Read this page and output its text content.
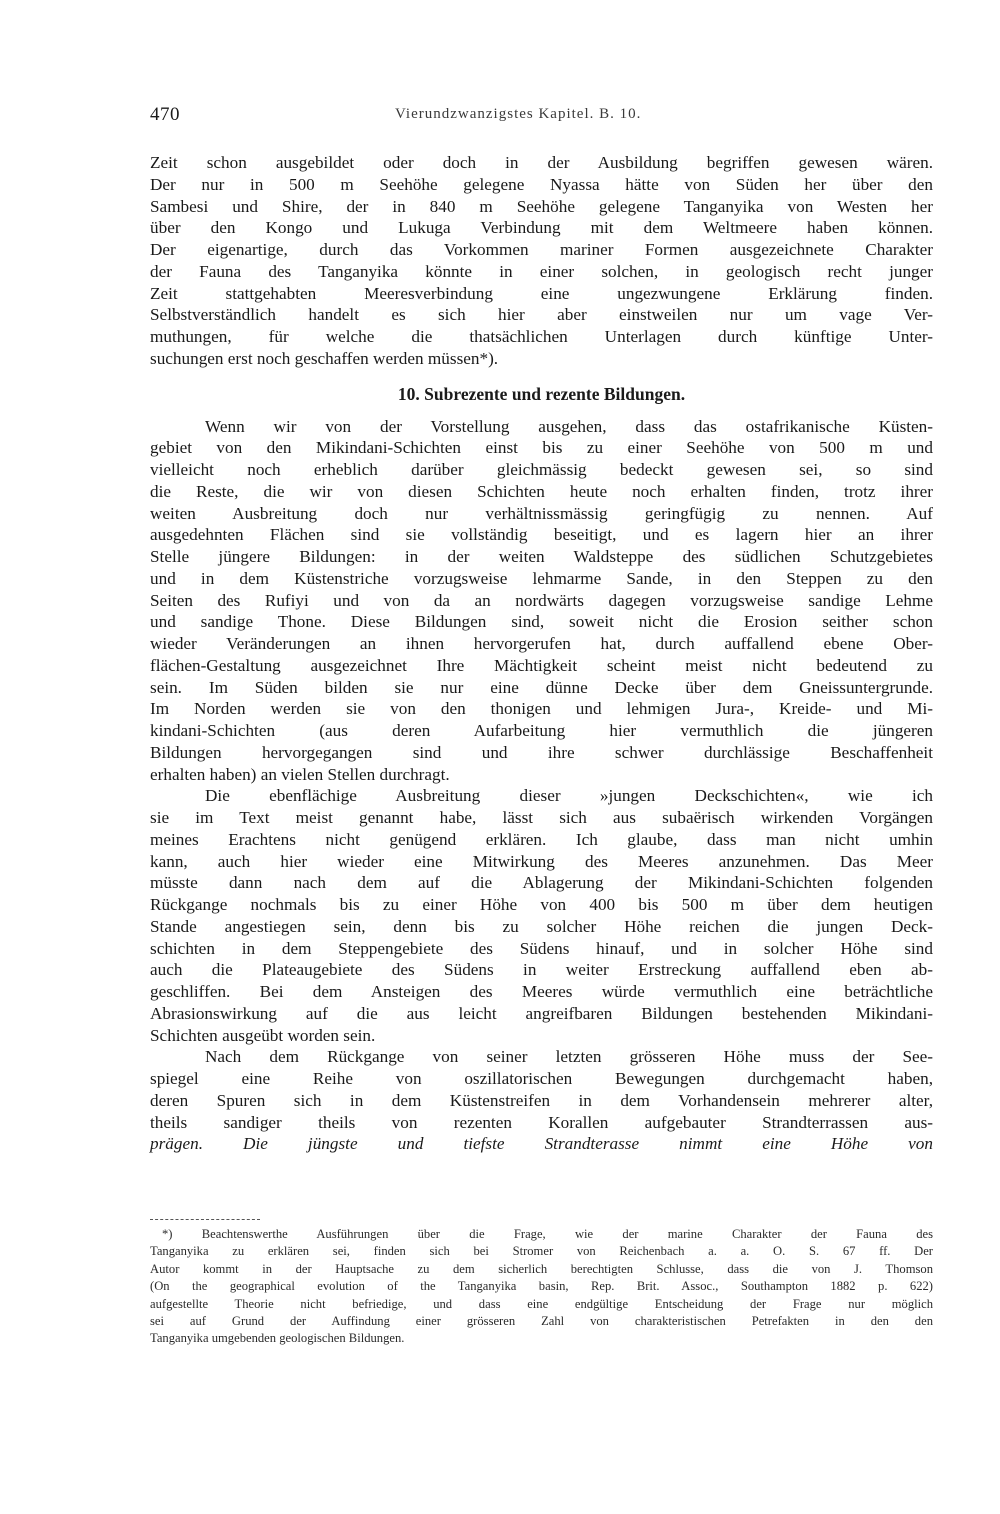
470	Vierundzwanzigstes Kapitel. B. 10.
Zeit schon ausgebildet oder doch in der Ausbildung begriffen gewesen wären.
Der nur in 500 m Seehöhe gelegene Nyassa hätte von Süden her über den
Sambesi und Shire, der in 840 m Seehöhe gelegene Tanganyika von Westen her
über den Kongo und Lukuga Verbindung mit dem Weltmeere haben können.
Der eigenartige, durch das Vorkommen mariner Formen ausgezeichnete Charakter
der Fauna des Tanganyika könnte in einer solchen, in geologisch recht junger
Zeit stattgehabten Meeresverbindung eine ungezwungene Erklärung finden.
Selbstverständlich handelt es sich hier aber einstweilen nur um vage Ver-
muthungen, für welche die thatsächlichen Unterlagen durch künftige Unter-
suchungen erst noch geschaffen werden müssen*).
10. Subrezente und rezente Bildungen.
Wenn wir von der Vorstellung ausgehen, dass das ostafrikanische Küsten-
gebiet von den Mikindani-Schichten einst bis zu einer Seehöhe von 500 m und
vielleicht noch erheblich darüber gleichmässig bedeckt gewesen sei, so sind
die Reste, die wir von diesen Schichten heute noch erhalten finden, trotz ihrer
weiten Ausbreitung doch nur verhältnissmässig geringfügig zu nennen. Auf
ausgedehnten Flächen sind sie vollständig beseitigt, und es lagern hier an ihrer
Stelle jüngere Bildungen: in der weiten Waldsteppe des südlichen Schutzgebietes
und in dem Küstenstriche vorzugsweise lehmarme Sande, in den Steppen zu den
Seiten des Rufiyi und von da an nordwärts dagegen vorzugsweise sandige Lehme
und sandige Thone. Diese Bildungen sind, soweit nicht die Erosion seither schon
wieder Veränderungen an ihnen hervorgerufen hat, durch auffallend ebene Ober-
flächen-Gestaltung ausgezeichnet Ihre Mächtigkeit scheint meist nicht bedeutend zu
sein. Im Süden bilden sie nur eine dünne Decke über dem Gneissuntergrunde.
Im Norden werden sie von den thonigen und lehmigen Jura-, Kreide- und Mi-
kindani-Schichten (aus deren Aufarbeitung hier vermuthlich die jüngeren
Bildungen hervorgegangen sind und ihre schwer durchlässige Beschaffenheit
erhalten haben) an vielen Stellen durchragt.
Die ebenflächige Ausbreitung dieser »jungen Deckschichten«, wie ich
sie im Text meist genannt habe, lässt sich aus subaërisch wirkenden Vorgängen
meines Erachtens nicht genügend erklären. Ich glaube, dass man nicht umhin
kann, auch hier wieder eine Mitwirkung des Meeres anzunehmen. Das Meer
müsste dann nach dem auf die Ablagerung der Mikindani-Schichten folgenden
Rückgange nochmals bis zu einer Höhe von 400 bis 500 m über dem heutigen
Stande angestiegen sein, denn bis zu solcher Höhe reichen die jungen Deck-
schichten in dem Steppengebiete des Südens hinauf, und in solcher Höhe sind
auch die Plateaugebiete des Südens in weiter Erstreckung auffallend eben ab-
geschliffen. Bei dem Ansteigen des Meeres würde vermuthlich eine beträchtliche
Abrasionswirkung auf die aus leicht angreifbaren Bildungen bestehenden Mikindani-
Schichten ausgeübt worden sein.
Nach dem Rückgange von seiner letzten grösseren Höhe muss der See-
spiegel eine Reihe von oszillatorischen Bewegungen durchgemacht haben,
deren Spuren sich in dem Küstenstreifen in dem Vorhandensein mehrerer alter,
theils sandiger theils von rezenten Korallen aufgebauter Strandterrassen aus-
prägen. Die jüngste und tiefste Strandterasse nimmt eine Höhe von
*) Beachtenswerthe Ausführungen über die Frage, wie der marine Charakter der Fauna des
Tanganyika zu erklären sei, finden sich bei Stromer von Reichenbach a. a. O. S. 67 ff. Der
Autor kommt in der Hauptsache zu dem sicherlich berechtigten Schlusse, dass die von J. Thomson
(On the geographical evolution of the Tanganyika basin, Rep. Brit. Assoc., Southampton 1882 p. 622)
aufgestellte Theorie nicht befriedige, und dass eine endgültige Entscheidung der Frage nur möglich
sei auf Grund der Auffindung einer grösseren Zahl von charakteristischen Petrefakten in den den
Tanganyika umgebenden geologischen Bildungen.
